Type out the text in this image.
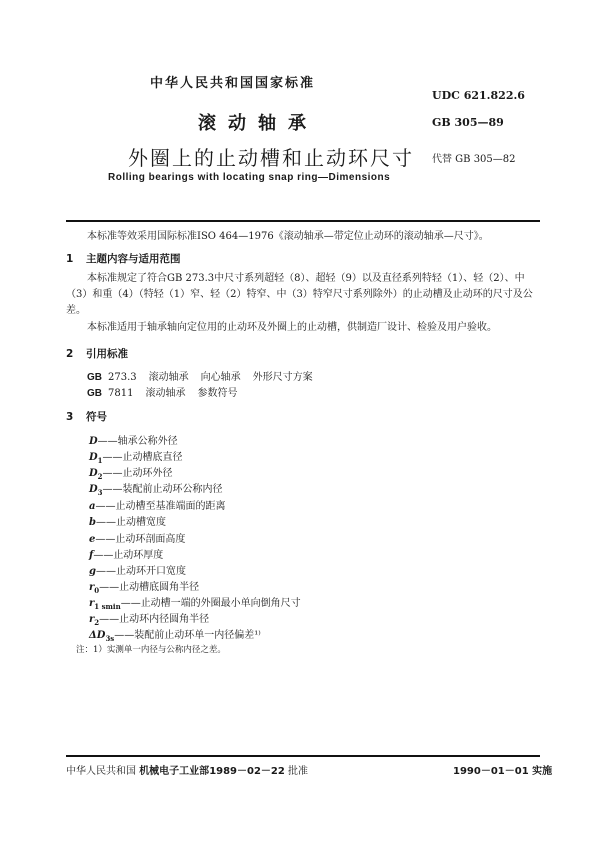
中华人民共和国国家标准
UDC 621.822.6
滚动轴承	GB 305—89
外圈上的止动槽和止动环尺寸 代替 GB 305—82
Rolling bearings with locating snap ring—Dimensions
本标准等效采用国际标准ISO 464—1976《滚动轴承—带定位止动环的滚动轴承—尺寸》。
1 主题内容与适用范围
本标准规定了符合GB 273.3中尺寸系列超轻（8）、超轻（9）以及直径系列特轻（1）、轻（2）、中（3）和重（4）（特轻（1）窄、轻（2）特窄、中（3）特窄尺寸系列除外）的止动槽及止动环的尺寸及公差。
本标准适用于轴承轴向定位用的止动环及外圈上的止动槽，供制造厂设计、检验及用户验收。
2 引用标准
GB 273.3 滚动轴承 向心轴承 外形尺寸方案
GB 7811 滚动轴承 参数符号
3 符号
D——轴承公称外径
$D_1——$止动槽底直径
$D_2——$止动环外径
$D_3——$装配前止动环公称内径
a——止动槽至基准端面的距离
b——止动槽宽度
e——止动环剖面高度
f——止动环厚度
g——止动环开口宽度
$r_0——$止动槽底圆角半径
$r_{1 smin}——$止动槽一端的外圈最小单向倒角尺寸
$r_2——$止动环内径圆角半径
$\Delta D_{3s}——$装配前止动环单一内径偏差¹⁾
注：1）实测单一内径与公称内径之差。
中华人民共和国 机械电子工业部1989－02－22 批准	1990－01－01 实施
